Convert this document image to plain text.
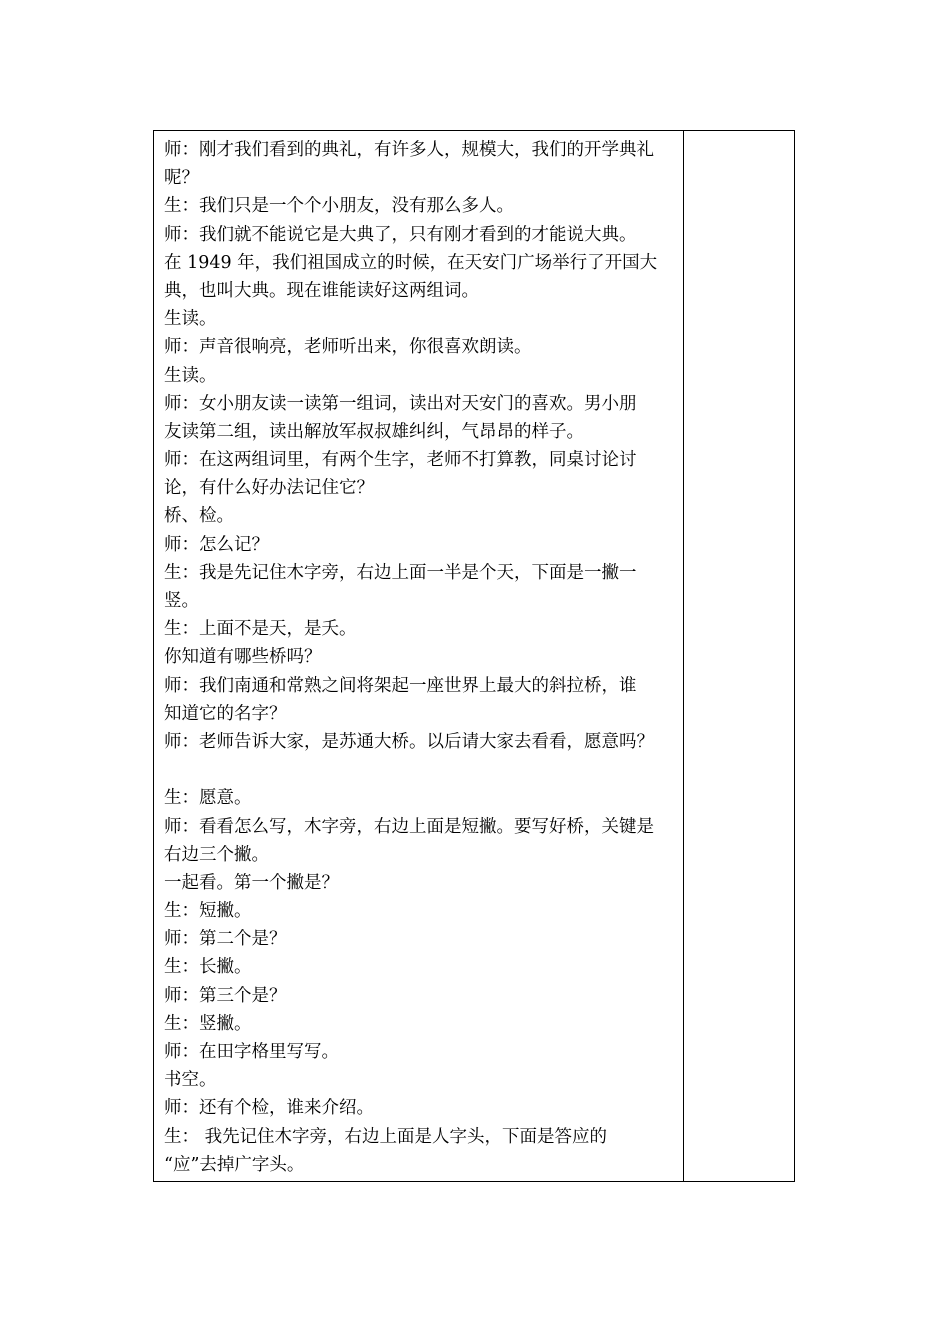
师：刚才我们看到的典礼，有许多人，规模大，我们的开学典礼
呢？
生：我们只是一个个小朋友，没有那么多人。
师：我们就不能说它是大典了，只有刚才看到的才能说大典。
在 1949 年，我们祖国成立的时候，在天安门广场举行了开国大
典，也叫大典。现在谁能读好这两组词。
生读。
师：声音很响亮，老师听出来，你很喜欢朗读。
生读。
师：女小朋友读一读第一组词，读出对天安门的喜欢。男小朋
友读第二组，读出解放军叔叔雄纠纠，气昂昂的样子。
师：在这两组词里，有两个生字，老师不打算教，同桌讨论讨
论，有什么好办法记住它？
桥、检。
师：怎么记？
生：我是先记住木字旁，右边上面一半是个天，下面是一撇一
竖。
生：上面不是天，是夭。
你知道有哪些桥吗？
师：我们南通和常熟之间将架起一座世界上最大的斜拉桥，谁
知道它的名字？
师：老师告诉大家，是苏通大桥。以后请大家去看看，愿意吗？
生：愿意。
师：看看怎么写，木字旁，右边上面是短撇。要写好桥，关键是
右边三个撇。
一起看。第一个撇是？
生：短撇。
师：第二个是？
生：长撇。
师：第三个是？
生：竖撇。
师：在田字格里写写。
书空。
师：还有个检，谁来介绍。
生： 我先记住木字旁，右边上面是人字头，下面是答应的
“应”去掉广字头。
